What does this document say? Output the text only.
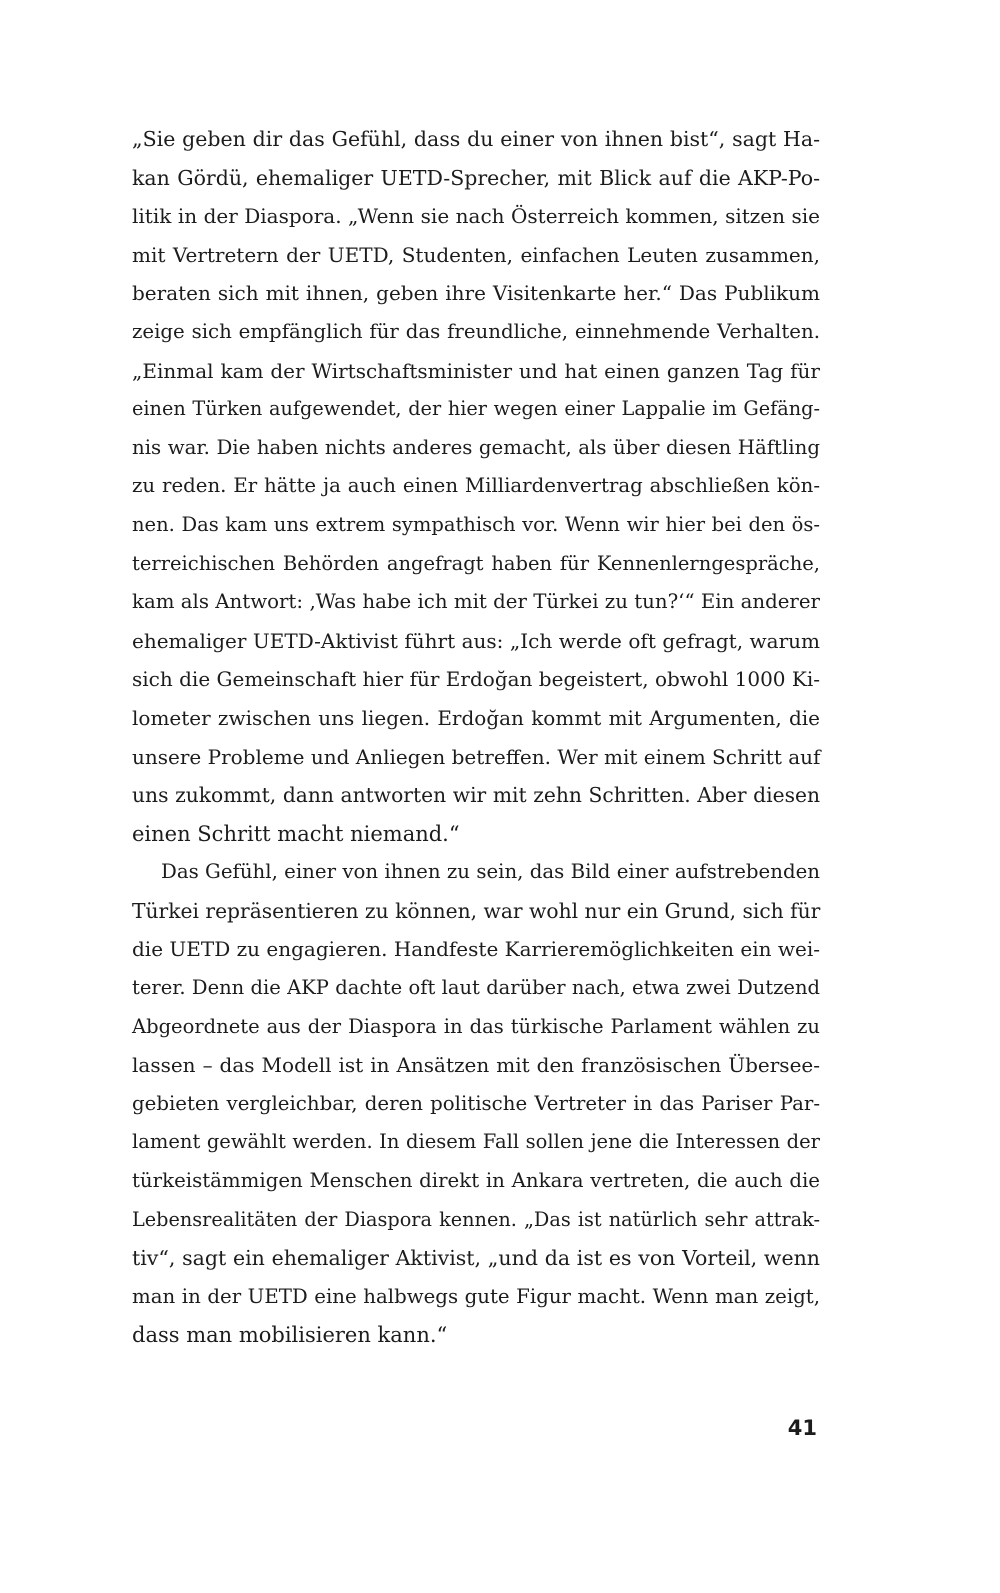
„Sie geben dir das Gefühl, dass du einer von ihnen bist“, sagt Ha-
kan Gördü, ehemaliger UETD-Sprecher, mit Blick auf die AKP-Po-
litik in der Diaspora. „Wenn sie nach Österreich kommen, sitzen sie
mit Vertretern der UETD, Studenten, einfachen Leuten zusammen,
beraten sich mit ihnen, geben ihre Visitenkarte her.“ Das Publikum
zeige sich empfänglich für das freundliche, einnehmende Verhalten.
„Einmal kam der Wirtschaftsminister und hat einen ganzen Tag für
einen Türken aufgewendet, der hier wegen einer Lappalie im Gefäng-
nis war. Die haben nichts anderes gemacht, als über diesen Häftling
zu reden. Er hätte ja auch einen Milliardenvertrag abschließen kön-
nen. Das kam uns extrem sympathisch vor. Wenn wir hier bei den ös-
terreichischen Behörden angefragt haben für Kennenlerngespräche,
kam als Antwort: ‚Was habe ich mit der Türkei zu tun?‘“ Ein anderer
ehemaliger UETD-Aktivist führt aus: „Ich werde oft gefragt, warum
sich die Gemeinschaft hier für Erdoğan begeistert, obwohl 1000 Ki-
lometer zwischen uns liegen. Erdoğan kommt mit Argumenten, die
unsere Probleme und Anliegen betreffen. Wer mit einem Schritt auf
uns zukommt, dann antworten wir mit zehn Schritten. Aber diesen
einen Schritt macht niemand.“
Das Gefühl, einer von ihnen zu sein, das Bild einer aufstrebenden
Türkei repräsentieren zu können, war wohl nur ein Grund, sich für
die UETD zu engagieren. Handfeste Karrieremöglichkeiten ein wei-
terer. Denn die AKP dachte oft laut darüber nach, etwa zwei Dutzend
Abgeordnete aus der Diaspora in das türkische Parlament wählen zu
lassen – das Modell ist in Ansätzen mit den französischen Übersee-
gebieten vergleichbar, deren politische Vertreter in das Pariser Par-
lament gewählt werden. In diesem Fall sollen jene die Interessen der
türkeistämmigen Menschen direkt in Ankara vertreten, die auch die
Lebensrealitäten der Diaspora kennen. „Das ist natürlich sehr attrak-
tiv“, sagt ein ehemaliger Aktivist, „und da ist es von Vorteil, wenn
man in der UETD eine halbwegs gute Figur macht. Wenn man zeigt,
dass man mobilisieren kann.“
41
